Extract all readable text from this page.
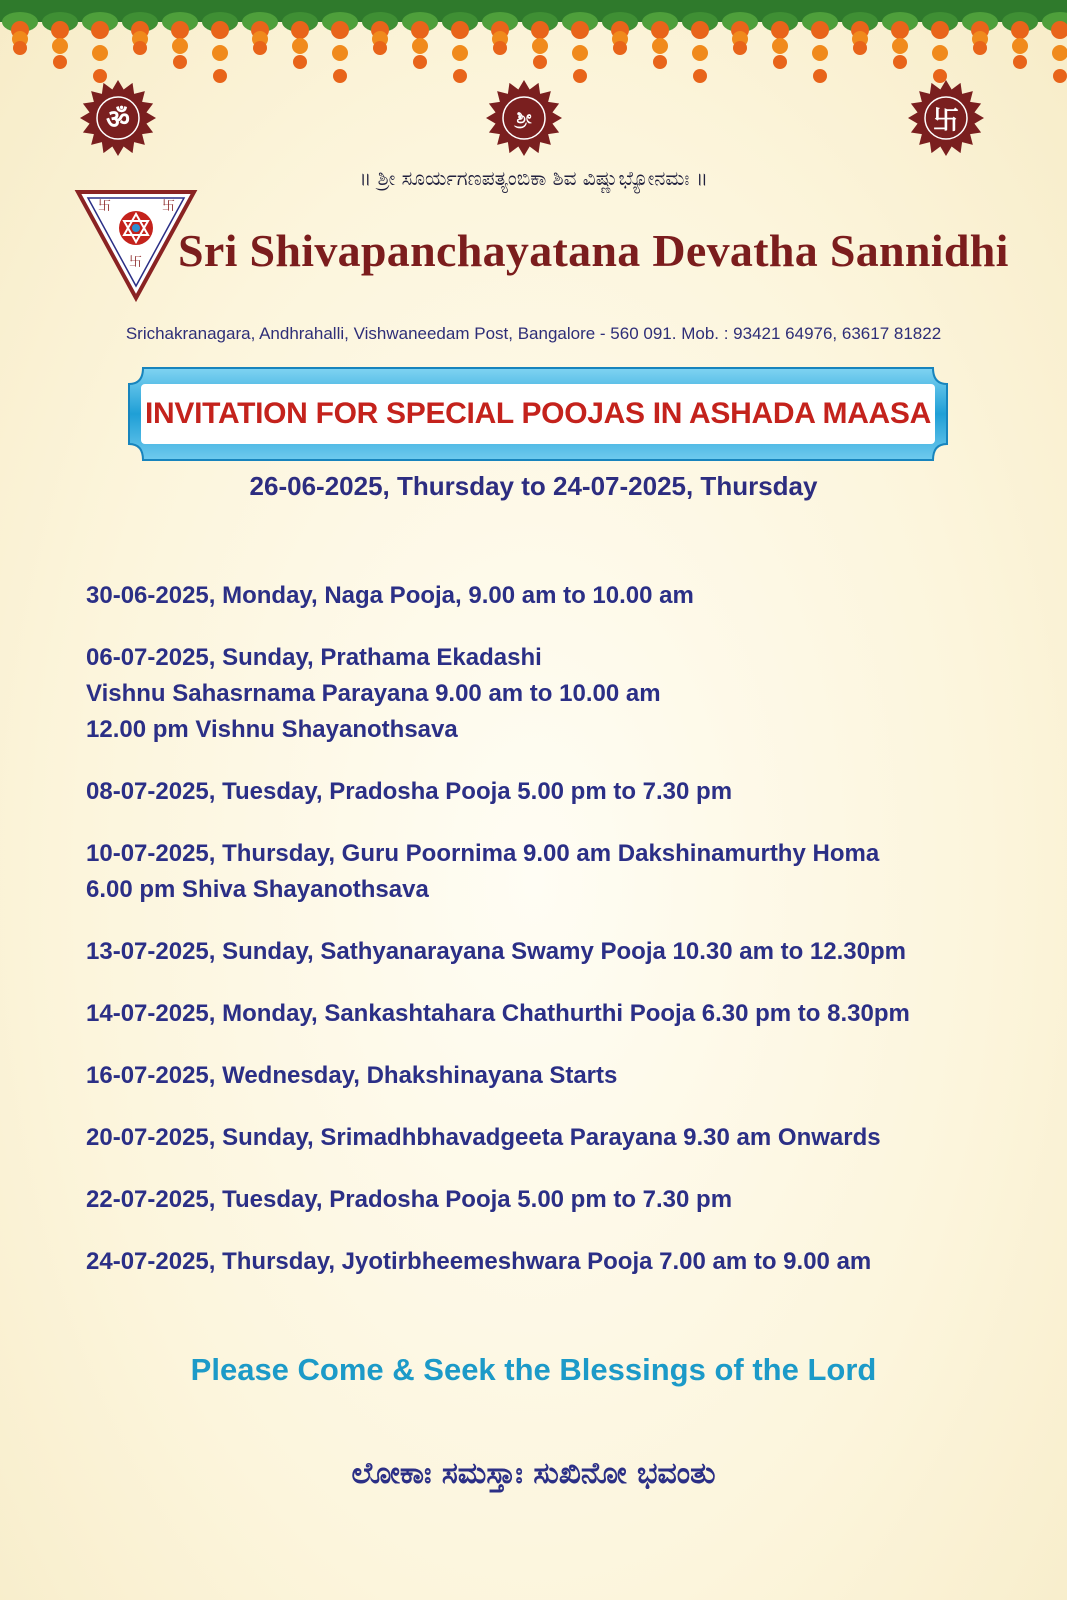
ॐ	ಶ್ರೀ	卐
॥ ಶ್ರೀ ಸೂರ್ಯಗಣಪತ್ಯಂಬಿಕಾ ಶಿವ ವಿಷ್ಣುಭ್ಯೋನಮಃ ॥
卐	卐
卐 Sri Shivapanchayatana Devatha Sannidhi
Srichakranagara, Andhrahalli, Vishwaneedam Post, Bangalore - 560 091. Mob. : 93421 64976, 63617 81822
INVITATION FOR SPECIAL POOJAS IN ASHADA MAASA
26-06-2025, Thursday to 24-07-2025, Thursday
30-06-2025, Monday, Naga Pooja, 9.00 am to 10.00 am
06-07-2025, Sunday, Prathama Ekadashi
Vishnu Sahasrnama Parayana 9.00 am to 10.00 am
12.00 pm Vishnu Shayanothsava
08-07-2025, Tuesday, Pradosha Pooja 5.00 pm to 7.30 pm
10-07-2025, Thursday, Guru Poornima 9.00 am Dakshinamurthy Homa
6.00 pm Shiva Shayanothsava
13-07-2025, Sunday, Sathyanarayana Swamy Pooja 10.30 am to 12.30pm
14-07-2025, Monday, Sankashtahara Chathurthi Pooja 6.30 pm to 8.30pm
16-07-2025, Wednesday, Dhakshinayana Starts
20-07-2025, Sunday, Srimadhbhavadgeeta Parayana 9.30 am Onwards
22-07-2025, Tuesday, Pradosha Pooja 5.00 pm to 7.30 pm
24-07-2025, Thursday, Jyotirbheemeshwara Pooja 7.00 am to 9.00 am
Please Come & Seek the Blessings of the Lord
ಲೋಕಾಃ ಸಮಸ್ತಾಃ ಸುಖಿನೋ ಭವಂತು
